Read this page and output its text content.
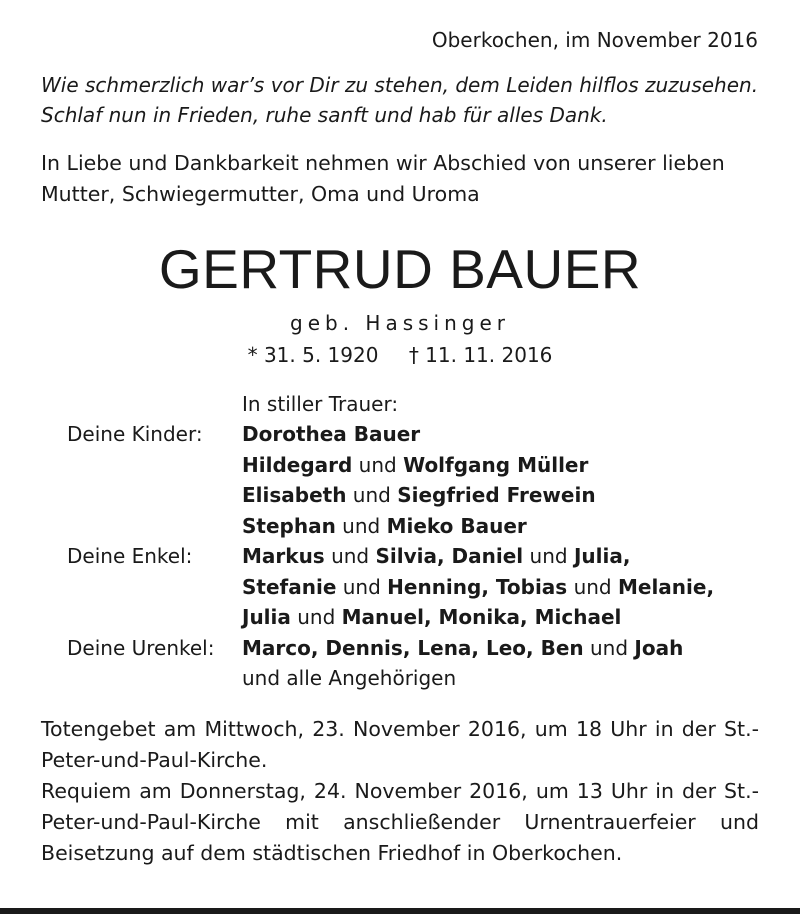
Oberkochen, im November 2016
Wie schmerzlich war’s vor Dir zu stehen, dem Leiden hilflos zuzusehen.
Schlaf nun in Frieden, ruhe sanft und hab für alles Dank.
In Liebe und Dankbarkeit nehmen wir Abschied von unserer lieben
Mutter, Schwiegermutter, Oma und Uroma
GERTRUD BAUER
geb. Hassinger
* 31. 5. 1920 † 11. 11. 2016
In stiller Trauer:
Deine Kinder:	Dorothea Bauer
Hildegard und Wolfgang Müller
Elisabeth und Siegfried Frewein
Stephan und Mieko Bauer
Deine Enkel:	Markus und Silvia, Daniel und Julia,
Stefanie und Henning, Tobias und Melanie,
Julia und Manuel, Monika, Michael
Deine Urenkel:	Marco, Dennis, Lena, Leo, Ben und Joah
und alle Angehörigen
Totengebet am Mittwoch, 23. November 2016, um 18 Uhr in der St.-Peter-und-Paul-Kirche.
Requiem am Donnerstag, 24. November 2016, um 13 Uhr in der St.-Peter-und-Paul-Kirche mit anschließender Urnentrauerfeier und Beisetzung auf dem städtischen Friedhof in Oberkochen.
